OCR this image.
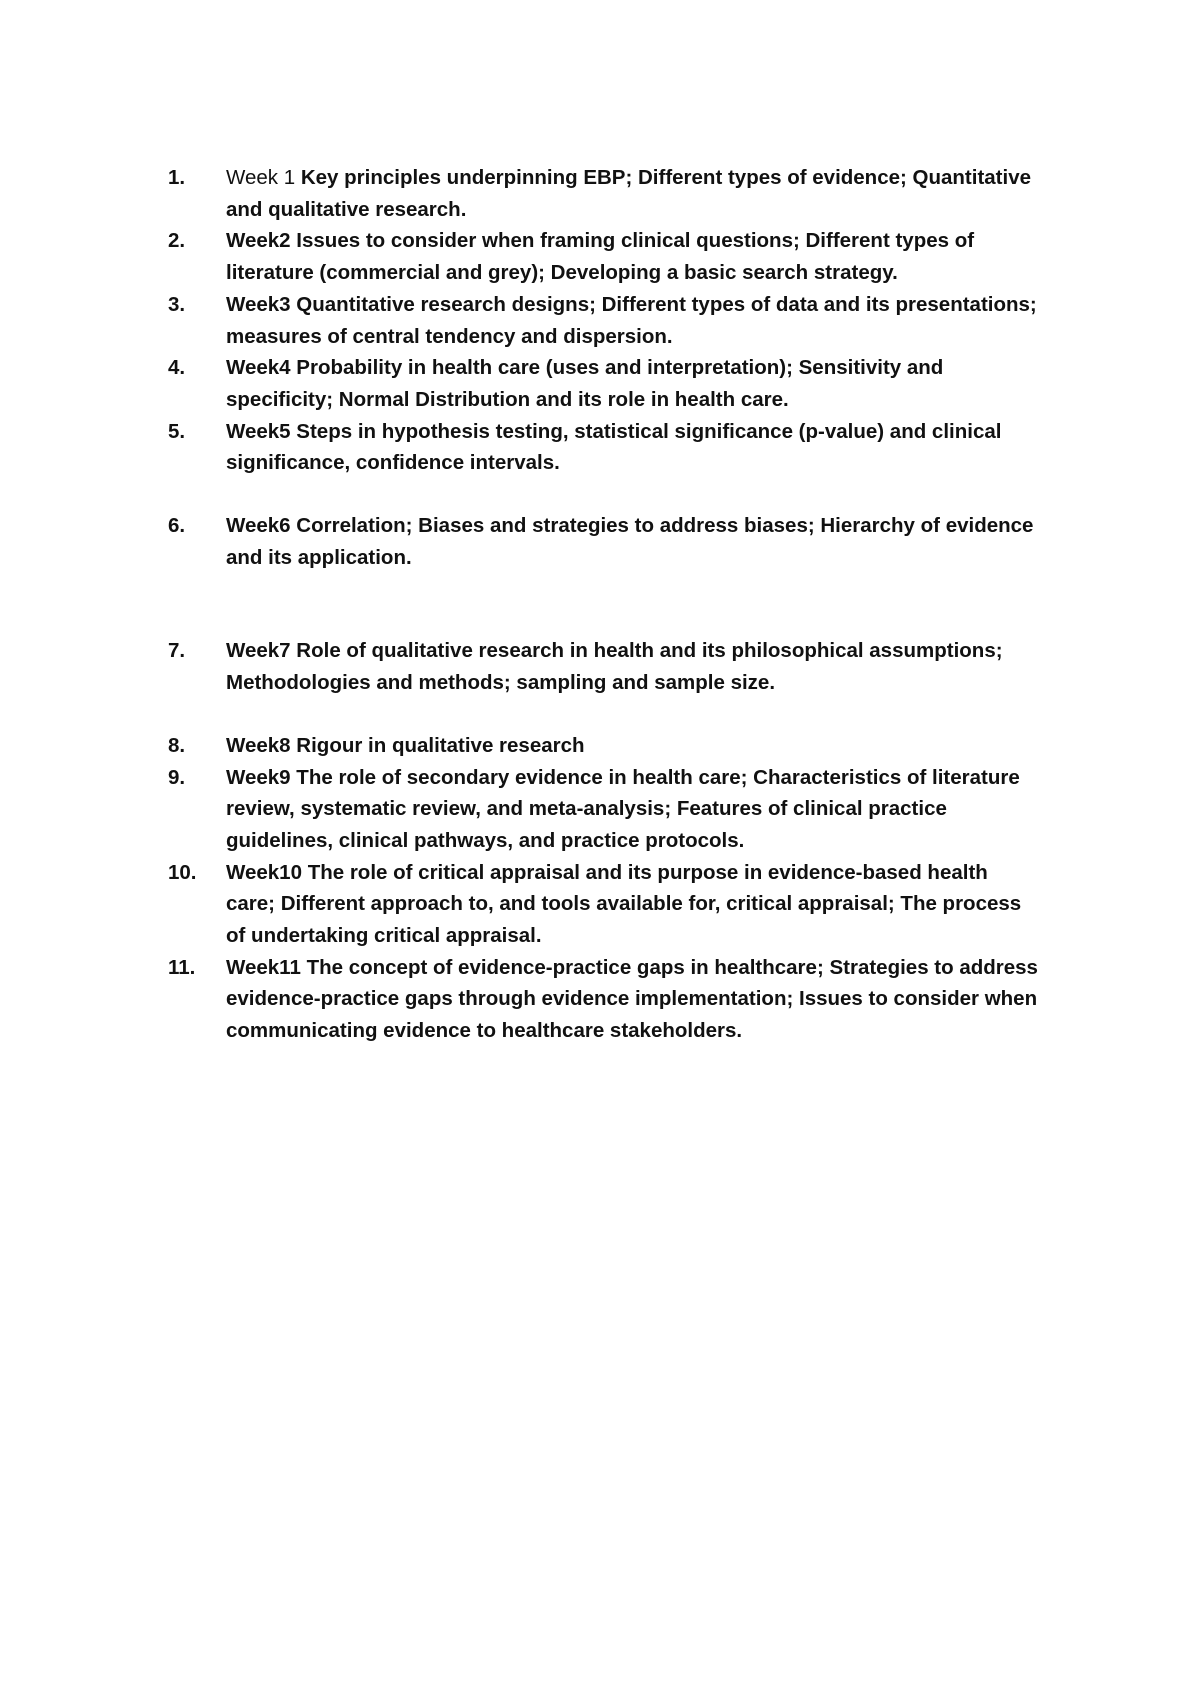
1.	Week 1 Key principles underpinning EBP; Different types of evidence; Quantitative and qualitative research.
2.	Week2 Issues to consider when framing clinical questions; Different types of literature (commercial and grey); Developing a basic search strategy.
3.	Week3 Quantitative research designs; Different types of data and its presentations; measures of central tendency and dispersion.
4.	Week4 Probability in health care (uses and interpretation); Sensitivity and specificity; Normal Distribution and its role in health care.
5.	Week5 Steps in hypothesis testing, statistical significance (p-value) and clinical significance, confidence intervals.
6.	Week6 Correlation; Biases and strategies to address biases; Hierarchy of evidence and its application.
7.	Week7 Role of qualitative research in health and its philosophical assumptions; Methodologies and methods; sampling and sample size.
8.	Week8 Rigour in qualitative research
9.	Week9 The role of secondary evidence in health care; Characteristics of literature review, systematic review, and meta-analysis; Features of clinical practice guidelines, clinical pathways, and practice protocols.
10.	Week10 The role of critical appraisal and its purpose in evidence-based health care; Different approach to, and tools available for, critical appraisal; The process of undertaking critical appraisal.
11.	Week11 The concept of evidence-practice gaps in healthcare; Strategies to address evidence-practice gaps through evidence implementation; Issues to consider when communicating evidence to healthcare stakeholders.
